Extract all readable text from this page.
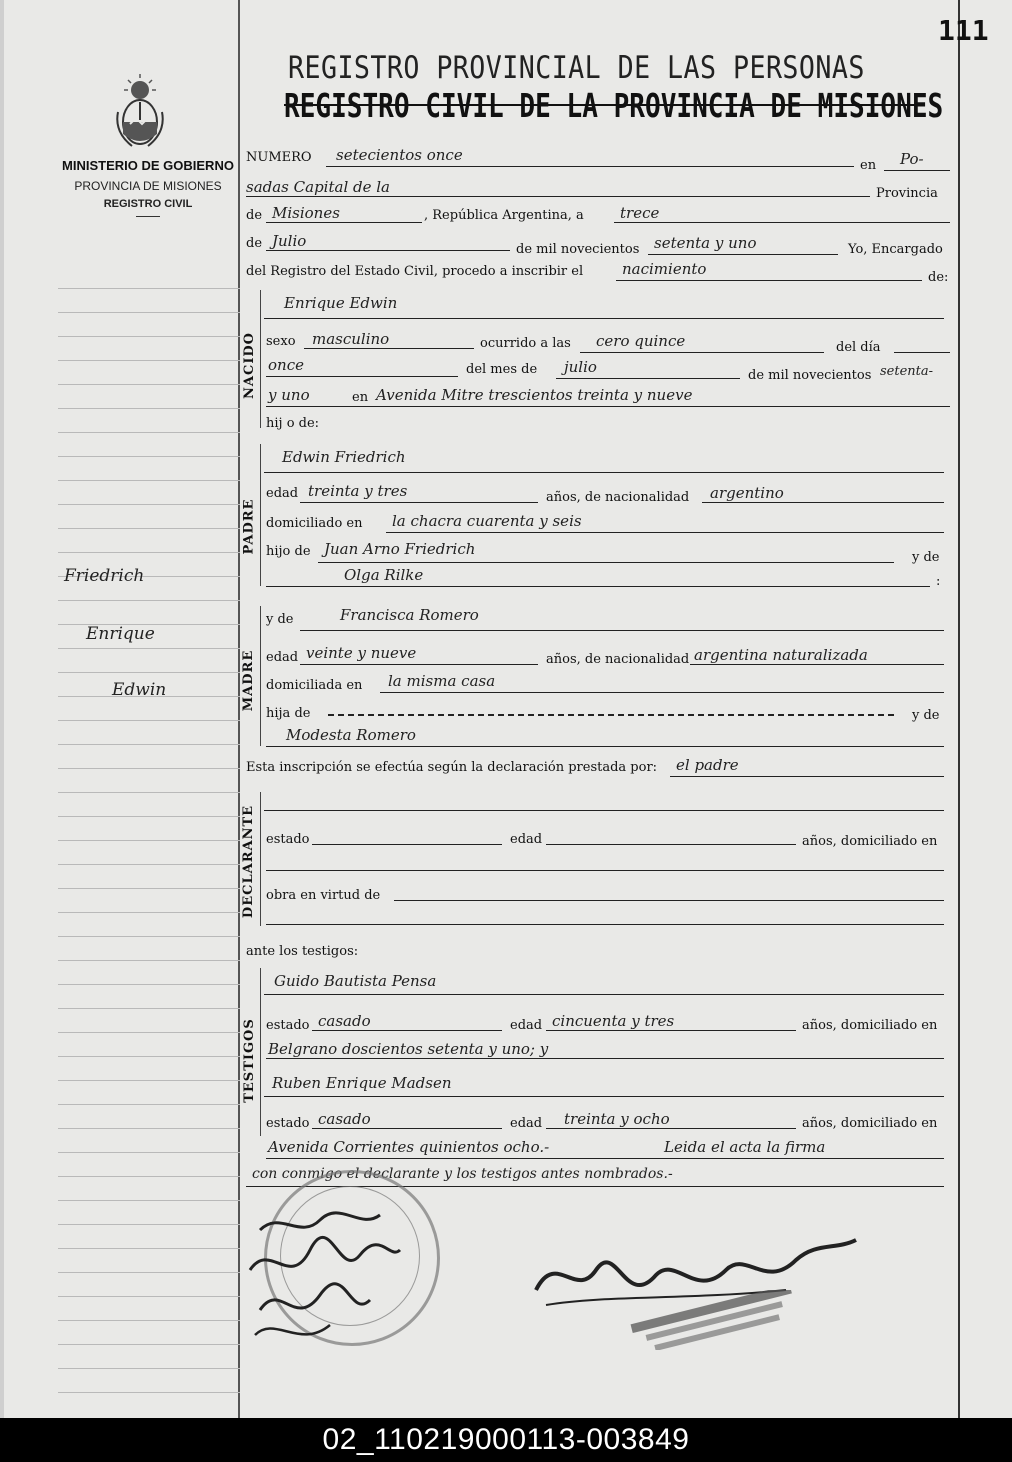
111
MINISTERIO DE GOBIERNO
PROVINCIA DE MISIONES
REGISTRO CIVIL
REGISTRO PROVINCIAL DE LAS PERSONAS
REGISTRO CIVIL DE LA PROVINCIA DE MISIONES
Friedrich
Enrique
Edwin
NUMERO setecientos once
en Po-
sadas Capital de la	Provincia
de Misiones	, República Argentina, a trece
de Julio	de mil novecientos setenta y uno	Yo, Encargado
del Registro del Estado Civil, procedo a inscribir el	nacimiento	de:
NACIDO
Enrique Edwin
sexo masculino	ocurrido a las cero quince	del día
once	del mes de julio	de mil novecientos setenta-
y uno	en Avenida Mitre trescientos treinta y nueve
hij o de:
PADRE
Edwin Friedrich
edad treinta y tres	años, de nacionalidad argentino
domiciliado en la chacra cuarenta y seis
hijo de Juan Arno Friedrich	y de
Olga Rilke	:
MADRE
y de	Francisca Romero
edad veinte y nueve	años, de nacionalidad argentina naturalizada
domiciliada en la misma casa
hija de	y de
Modesta Romero
Esta inscripción se efectúa según la declaración prestada por: el padre
DECLARANTE estado	edad	años, domiciliado en
obra en virtud de
ante los testigos:
TESTIGOS
Guido Bautista Pensa
estado casado	edad cincuenta y tres	años, domiciliado en
Belgrano doscientos setenta y uno; y
Ruben Enrique Madsen
estado casado	edad treinta y ocho	años, domiciliado en
Avenida Corrientes quinientos ocho.-	Leida el acta la firma
con conmigo el declarante y los testigos antes nombrados.-
02_110219000113-003849
